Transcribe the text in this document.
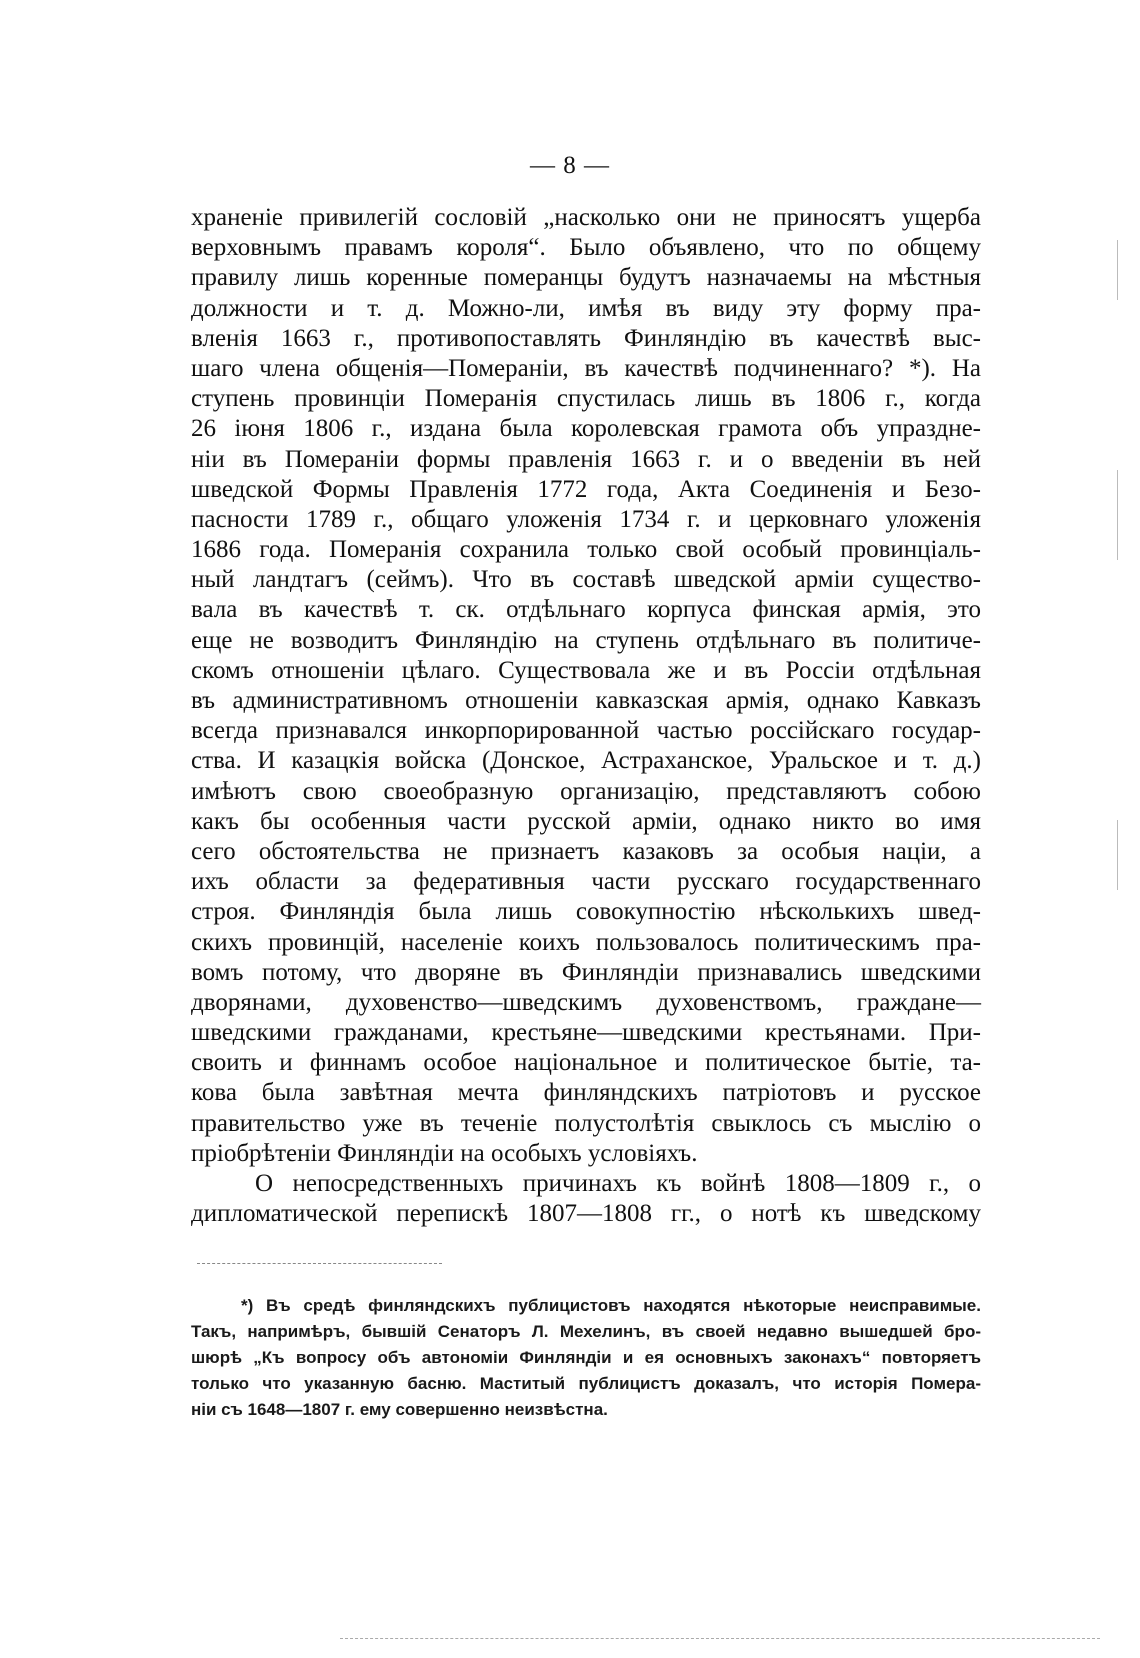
— 8 —
храненіе привилегій сословій „насколько они не приносятъ ущерба
верховнымъ правамъ короля“. Было объявлено, что по общему
правилу лишь коренные померанцы будутъ назначаемы на мѣстныя
должности и т. д. Можно-ли, имѣя въ виду эту форму пра-
вленія 1663 г., противопоставлять Финляндію въ качествѣ выс-
шаго члена общенія—Помераніи, въ качествѣ подчиненнаго? *). На
ступень провинціи Померанія спустилась лишь въ 1806 г., когда
26 іюня 1806 г., издана была королевская грамота объ упраздне-
ніи въ Помераніи формы правленія 1663 г. и о введеніи въ ней
шведской Формы Правленія 1772 года, Акта Соединенія и Безо-
пасности 1789 г., общаго уложенія 1734 г. и церковнаго уложенія
1686 года. Померанія сохранила только свой особый провинціаль-
ный ландтагъ (сеймъ). Что въ составѣ шведской арміи существо-
вала въ качествѣ т. ск. отдѣльнаго корпуса финская армія, это
еще не возводитъ Финляндію на ступень отдѣльнаго въ политиче-
скомъ отношеніи цѣлаго. Существовала же и въ Россіи отдѣльная
въ административномъ отношеніи кавказская армія, однако Кавказъ
всегда признавался инкорпорированной частью россійскаго государ-
ства. И казацкія войска (Донское, Астраханское, Уральское и т. д.)
имѣютъ свою своеобразную организацію, представляютъ собою
какъ бы особенныя части русской арміи, однако никто во имя
сего обстоятельства не признаетъ казаковъ за особыя націи, а
ихъ области за федеративныя части русскаго государственнаго
строя. Финляндія была лишь совокупностію нѣсколькихъ швед-
скихъ провинцій, населеніе коихъ пользовалось политическимъ пра-
вомъ потому, что дворяне въ Финляндіи признавались шведскими
дворянами, духовенство—шведскимъ духовенствомъ, граждане—
шведскими гражданами, крестьяне—шведскими крестьянами. При-
своить и финнамъ особое національное и политическое бытіе, та-
кова была завѣтная мечта финляндскихъ патріотовъ и русское
правительство уже въ теченіе полустолѣтія свыклось съ мыслію о
пріобрѣтеніи Финляндіи на особыхъ условіяхъ.
О непосредственныхъ причинахъ къ войнѣ 1808—1809 г., о
дипломатической перепискѣ 1807—1808 гг., о нотѣ къ шведскому
*) Въ средѣ финляндскихъ публицистовъ находятся нѣкоторые неисправимые.
Такъ, напримѣръ, бывшій Сенаторъ Л. Мехелинъ, въ своей недавно вышедшей бро-
шюрѣ „Къ вопросу объ автономіи Финляндіи и ея основныхъ законахъ“ повторяетъ
только что указанную басню. Маститый публицистъ доказалъ, что исторія Помера-
ніи съ 1648—1807 г. ему совершенно неизвѣстна.
